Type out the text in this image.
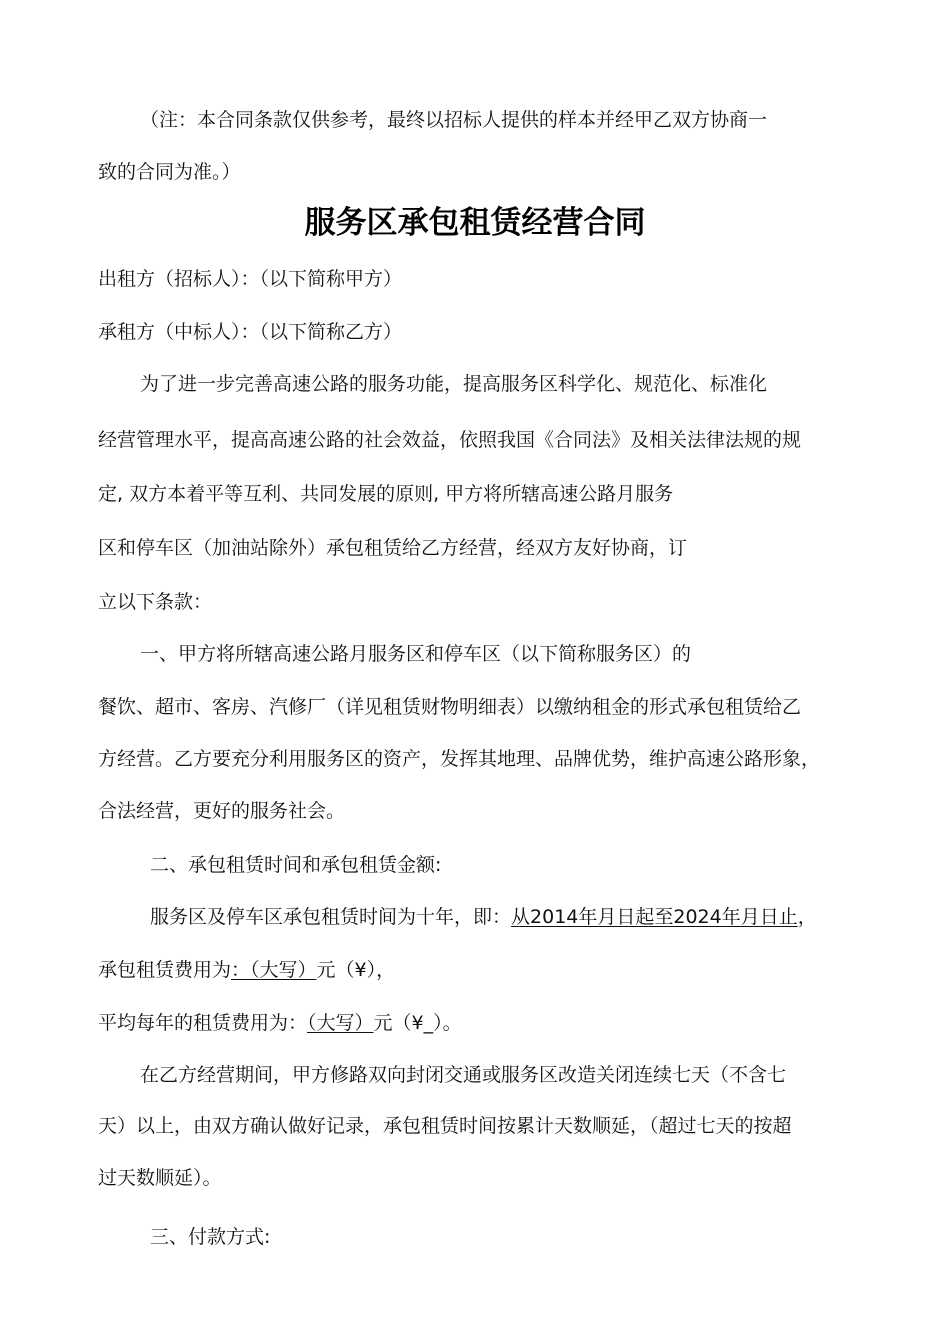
（注：本合同条款仅供参考，最终以招标人提供的样本并经甲乙双方协商一
致的合同为准。）
服务区承包租赁经营合同
出租方（招标人）：（以下简称甲方）
承租方（中标人）：（以下简称乙方）
为了进一步完善高速公路的服务功能，提高服务区科学化、规范化、标准化
经营管理水平，提高高速公路的社会效益，依照我国《合同法》及相关法律法规的规
定, 双方本着平等互利、共同发展的原则, 甲方将所辖高速公路月服务
区和停车区（加油站除外）承包租赁给乙方经营，经双方友好协商，订
立以下条款：
一、甲方将所辖高速公路月服务区和停车区（以下简称服务区）的
餐饮、超市、客房、汽修厂（详见租赁财物明细表）以缴纳租金的形式承包租赁给乙
方经营。乙方要充分利用服务区的资产，发挥其地理、品牌优势，维护高速公路形象，
合法经营，更好的服务社会。
二、承包租赁时间和承包租赁金额:
服务区及停车区承包租赁时间为十年，即：从2014年月日起至2024年月日止，
承包租赁费用为：（大写）元（¥），
平均每年的租赁费用为：（大写）元（¥_）。
在乙方经营期间，甲方修路双向封闭交通或服务区改造关闭连续七天（不含七
天）以上，由双方确认做好记录，承包租赁时间按累计天数顺延，（超过七天的按超
过天数顺延）。
三、付款方式:
